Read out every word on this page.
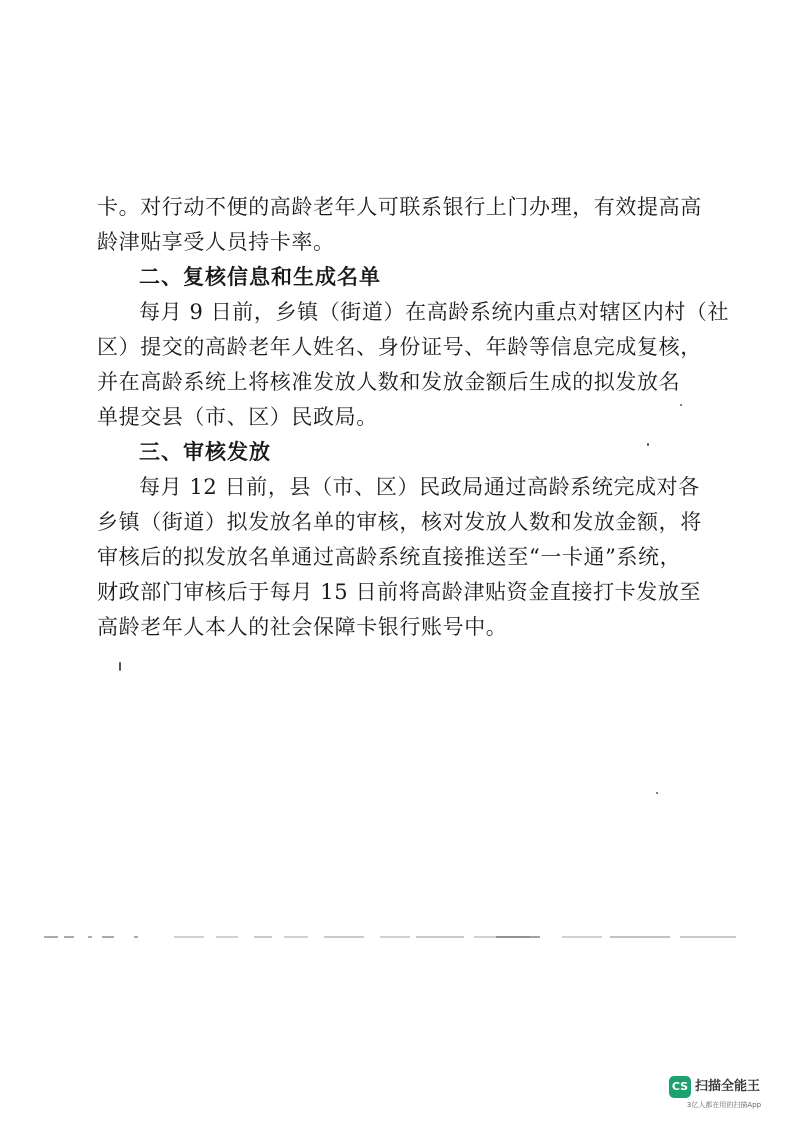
卡。对行动不便的高龄老年人可联系银行上门办理，有效提高高
龄津贴享受人员持卡率。
二、复核信息和生成名单
每月 9 日前，乡镇（街道）在高龄系统内重点对辖区内村（社
区）提交的高龄老年人姓名、身份证号、年龄等信息完成复核，
并在高龄系统上将核准发放人数和发放金额后生成的拟发放名
单提交县（市、区）民政局。
三、审核发放
每月 12 日前，县（市、区）民政局通过高龄系统完成对各
乡镇（街道）拟发放名单的审核，核对发放人数和发放金额，将
审核后的拟发放名单通过高龄系统直接推送至“一卡通”系统，
财政部门审核后于每月 15 日前将高龄津贴资金直接打卡发放至
高龄老年人本人的社会保障卡银行账号中。
CS 扫描全能王
3亿人都在用的扫描App
